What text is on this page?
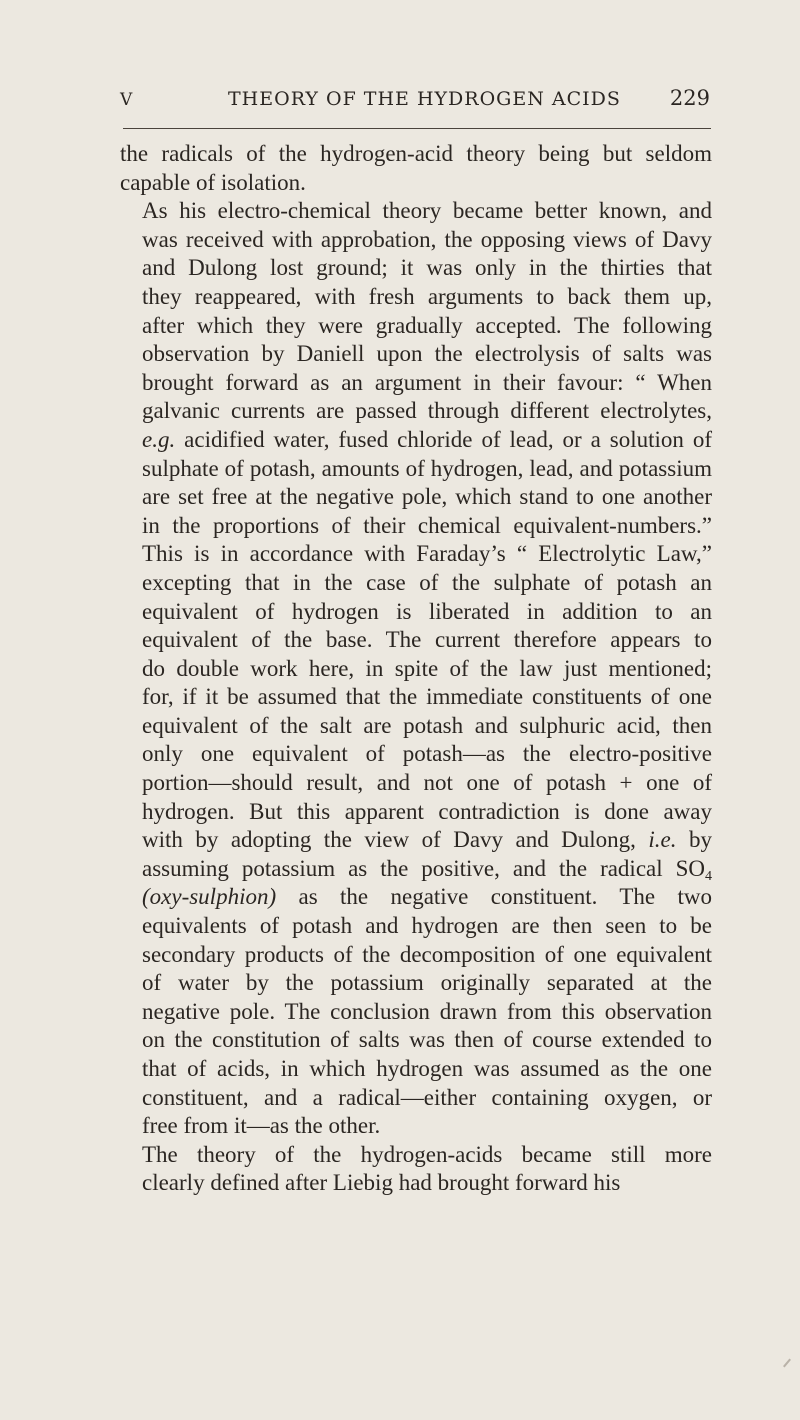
V	THEORY OF THE HYDROGEN ACIDS 229

the radicals of the hydrogen-acid theory being but seldom
capable of isolation.

As his electro-chemical theory became better known, and
was received with approbation, the opposing views of Davy
and Dulong lost ground; it was only in the thirties that
they reappeared, with fresh arguments to back them up,
after which they were gradually accepted. The following
observation by Daniell upon the electrolysis of salts was
brought forward as an argument in their favour: “ When
galvanic currents are passed through different electrolytes,
e.g. acidified water, fused chloride of lead, or a solution of
sulphate of potash, amounts of hydrogen, lead, and potassium
are set free at the negative pole, which stand to one another
in the proportions of their chemical equivalent-numbers.”
This is in accordance with Faraday’s “ Electrolytic Law,”
excepting that in the case of the sulphate of potash an
equivalent of hydrogen is liberated in addition to an
equivalent of the base. The current therefore appears to
do double work here, in spite of the law just mentioned;
for, if it be assumed that the immediate constituents of one
equivalent of the salt are potash and sulphuric acid, then
only one equivalent of potash—as the electro-positive
portion—should result, and not one of potash + one of
hydrogen. But this apparent contradiction is done away
with by adopting the view of Davy and Dulong, i.e. by
assuming potassium as the positive, and the radical $SO_4$
(oxy-sulphion) as the negative constituent. The two
equivalents of potash and hydrogen are then seen to be
secondary products of the decomposition of one equivalent
of water by the potassium originally separated at the
negative pole. The conclusion drawn from this observation
on the constitution of salts was then of course extended to
that of acids, in which hydrogen was assumed as the one
constituent, and a radical—either containing oxygen, or
free from it—as the other.

The theory of the hydrogen-acids became still more
clearly defined after Liebig had brought forward his
